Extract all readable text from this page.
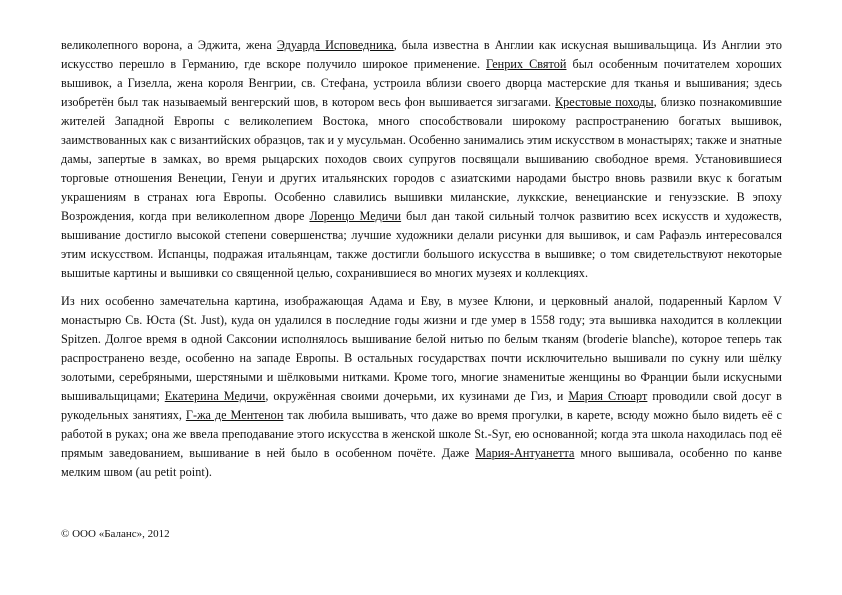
великолепного ворона, а Эджита, жена Эдуарда Исповедника, была известна в Англии как искусная вышивальщица. Из Англии это искусство перешло в Германию, где вскоре получило широкое применение. Генрих Святой был особенным почитателем хороших вышивок, а Гизелла, жена короля Венгрии, св. Стефана, устроила вблизи своего дворца мастерские для тканья и вышивания; здесь изобретён был так называемый венгерский шов, в котором весь фон вышивается зигзагами. Крестовые походы, близко познакомившие жителей Западной Европы с великолепием Востока, много способствовали широкому распространению богатых вышивок, заимствованных как с византийских образцов, так и у мусульман. Особенно занимались этим искусством в монастырях; также и знатные дамы, запертые в замках, во время рыцарских походов своих супругов посвящали вышиванию свободное время. Установившиеся торговые отношения Венеции, Генуи и других итальянских городов с азиатскими народами быстро вновь развили вкус к богатым украшениям в странах юга Европы. Особенно славились вышивки миланские, луккские, венецианские и генуэзские. В эпоху Возрождения, когда при великолепном дворе Лоренцо Медичи был дан такой сильный толчок развитию всех искусств и художеств, вышивание достигло высокой степени совершенства; лучшие художники делали рисунки для вышивок, и сам Рафаэль интересовался этим искусством. Испанцы, подражая итальянцам, также достигли большого искусства в вышивке; о том свидетельствуют некоторые вышитые картины и вышивки со священной целью, сохранившиеся во многих музеях и коллекциях.

Из них особенно замечательна картина, изображающая Адама и Еву, в музее Клюни, и церковный аналой, подаренный Карлом V монастырю Св. Юста (St. Just), куда он удалился в последние годы жизни и где умер в 1558 году; эта вышивка находится в коллекции Spitzen. Долгое время в одной Саксонии исполнялось вышивание белой нитью по белым тканям (broderie blanche), которое теперь так распространено везде, особенно на западе Европы. В остальных государствах почти исключительно вышивали по сукну или шёлку золотыми, серебряными, шерстяными и шёлковыми нитками. Кроме того, многие знаменитые женщины во Франции были искусными вышивальщицами; Екатерина Медичи, окружённая своими дочерьми, их кузинами де Гиз, и Мария Стюарт проводили свой досуг в рукодельных занятиях, Г-жа де Ментенон так любила вышивать, что даже во время прогулки, в карете, всюду можно было видеть её с работой в руках; она же ввела преподавание этого искусства в женской школе St.-Syr, ею основанной; когда эта школа находилась под её прямым заведованием, вышивание в ней было в особенном почёте. Даже Мария-Антуанетта много вышивала, особенно по канве мелким швом (au petit point).

© ООО «Баланс», 2012
